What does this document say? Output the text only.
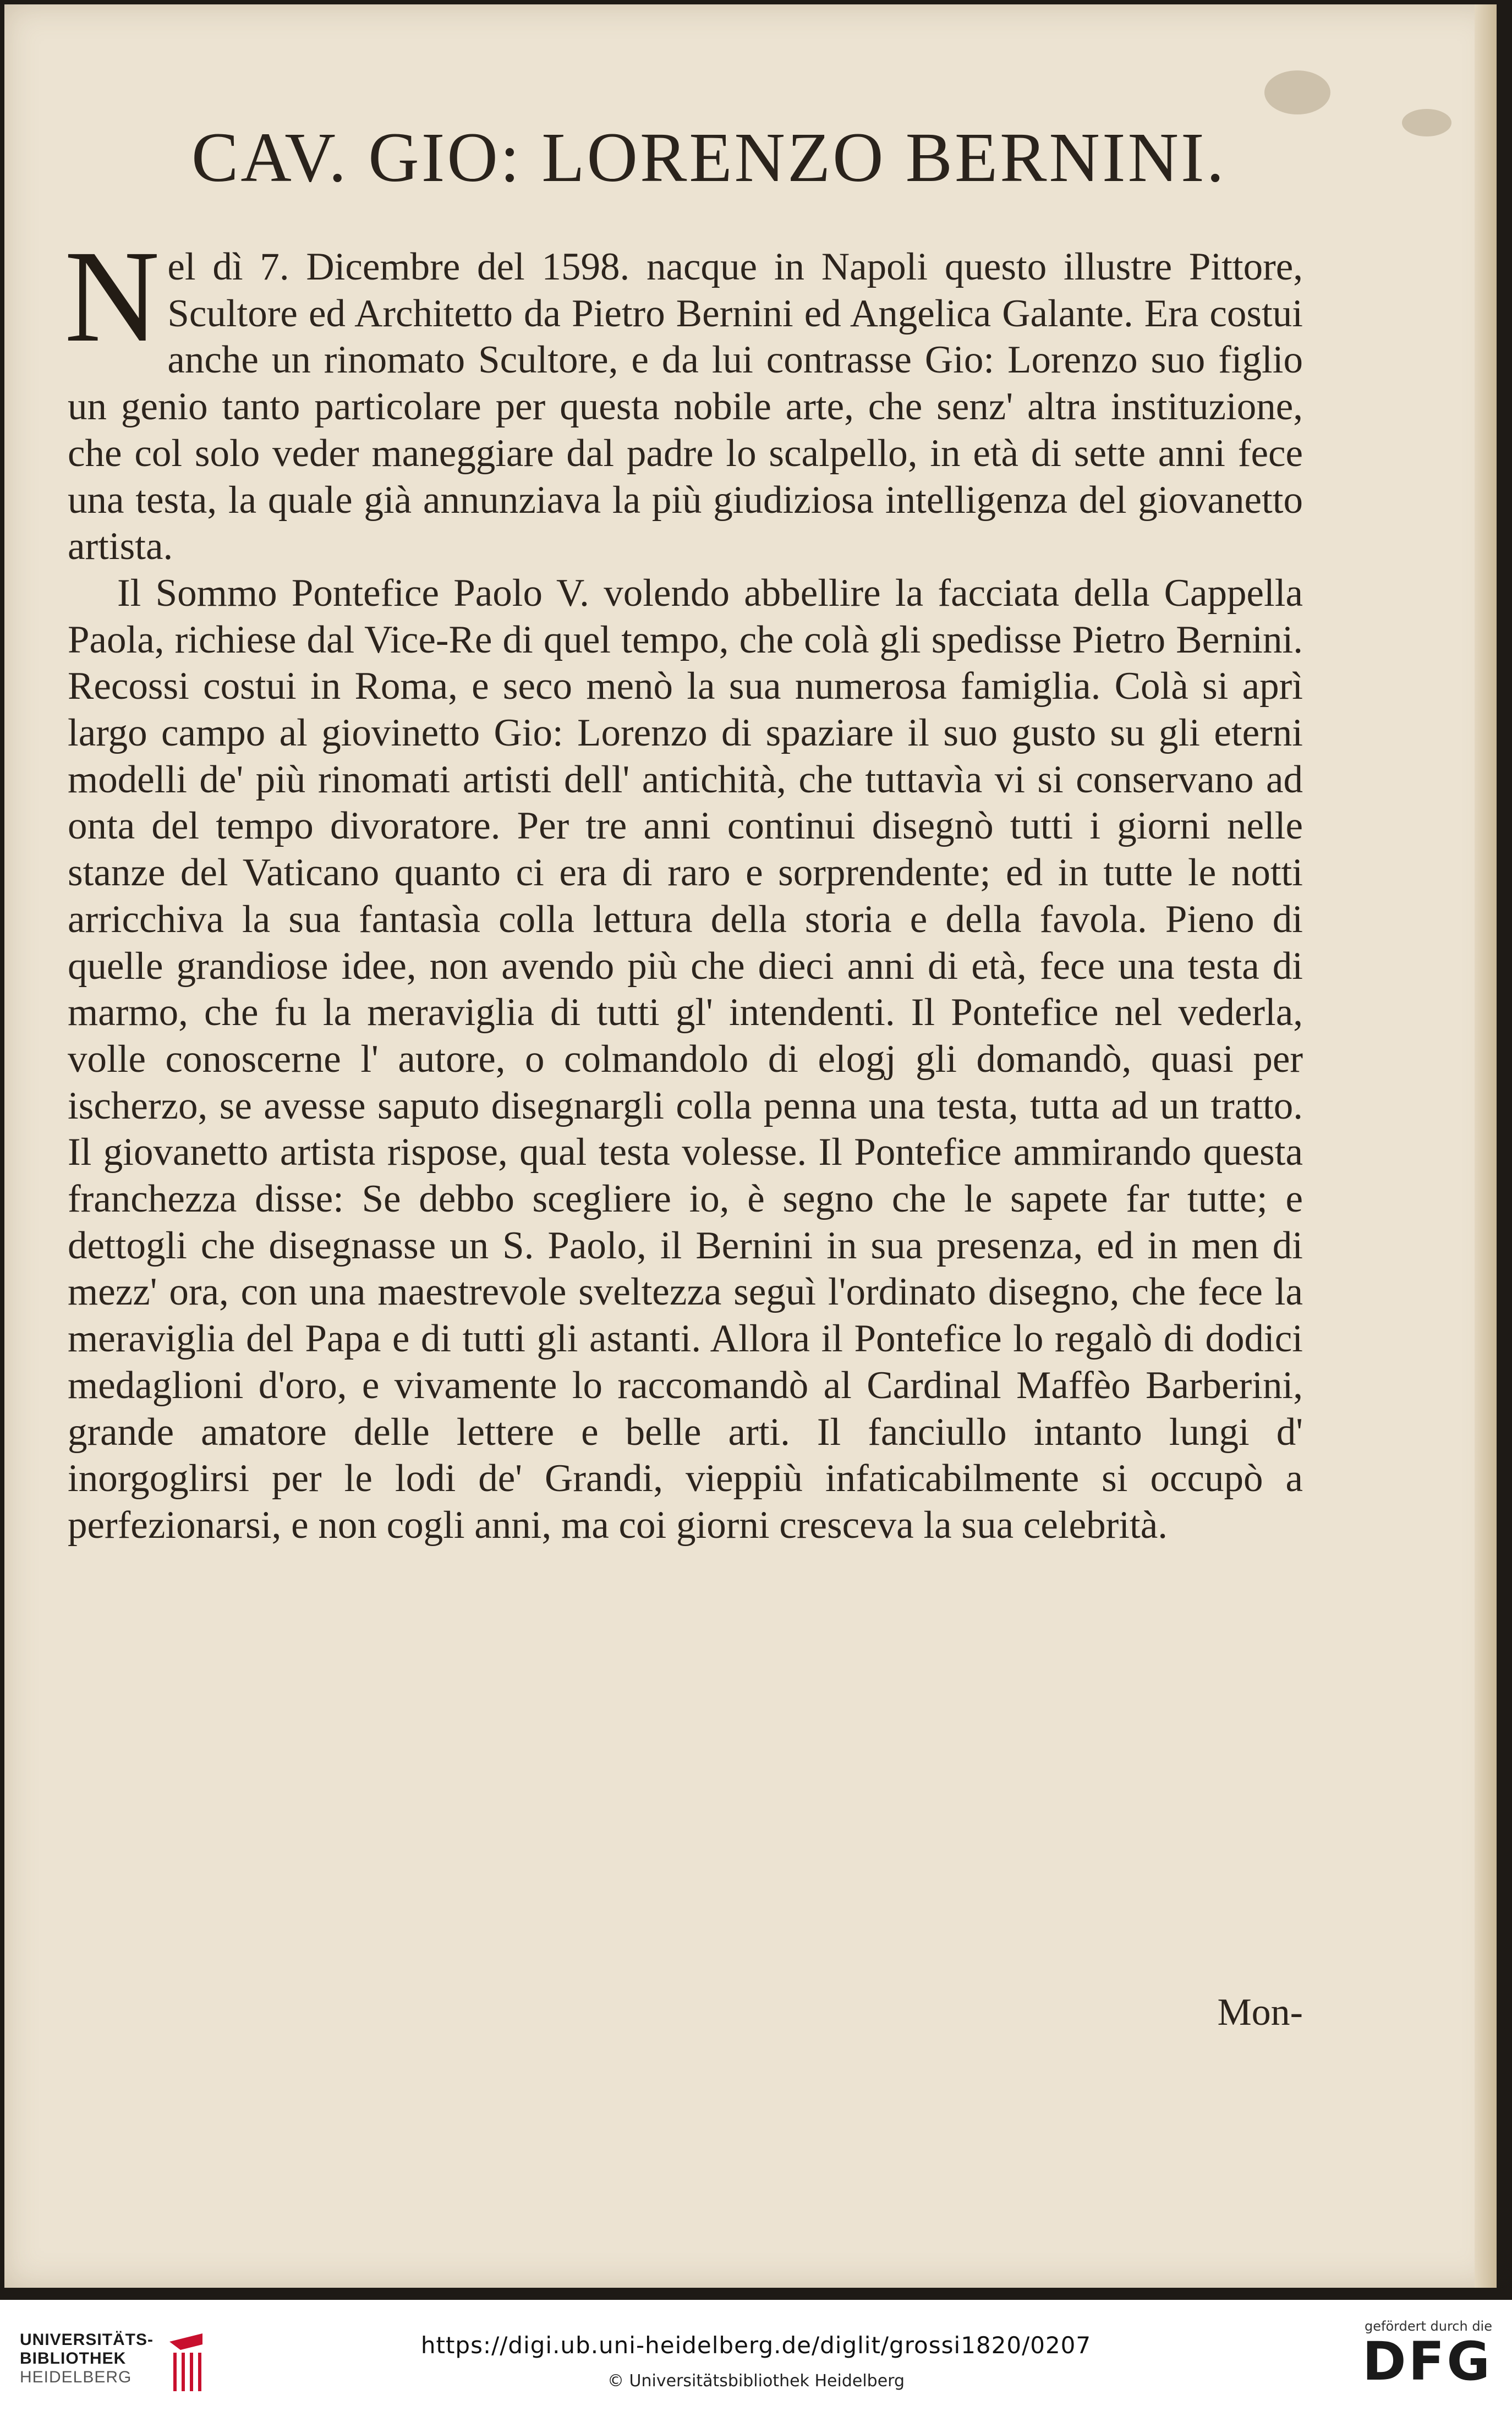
CAV. GIO: LORENZO BERNINI.

Nel dì 7. Dicembre del 1598. nacque in Napoli questo illustre Pittore, Scultore ed Architetto da Pietro Bernini ed Angelica Galante. Era costui anche un rinomato Scultore, e da lui contrasse Gio: Lorenzo suo figlio un genio tanto particolare per questa nobile arte, che senz' altra instituzione, che col solo veder maneggiare dal padre lo scalpello, in età di sette anni fece una testa, la quale già annunziava la più giudiziosa intelligenza del giovanetto artista.

Il Sommo Pontefice Paolo V. volendo abbellire la facciata della Cappella Paola, richiese dal Vice-Re di quel tempo, che colà gli spedisse Pietro Bernini. Recossi costui in Roma, e seco menò la sua numerosa famiglia. Colà si aprì largo campo al giovinetto Gio: Lorenzo di spaziare il suo gusto su gli eterni modelli de' più rinomati artisti dell' antichità, che tuttavìa vi si conservano ad onta del tempo divoratore. Per tre anni continui disegnò tutti i giorni nelle stanze del Vaticano quanto ci era di raro e sorprendente; ed in tutte le notti arricchiva la sua fantasìa colla lettura della storia e della favola. Pieno di quelle grandiose idee, non avendo più che dieci anni di età, fece una testa di marmo, che fu la meraviglia di tutti gl' intendenti. Il Pontefice nel vederla, volle conoscerne l' autore, o colmandolo di elogj gli domandò, quasi per ischerzo, se avesse saputo disegnargli colla penna una testa, tutta ad un tratto. Il giovanetto artista rispose, qual testa volesse. Il Pontefice ammirando questa franchezza disse: Se debbo scegliere io, è segno che le sapete far tutte; e dettogli che disegnasse un S. Paolo, il Bernini in sua presenza, ed in men di mezz' ora, con una maestrevole sveltezza seguì l'ordinato disegno, che fece la meraviglia del Papa e di tutti gli astanti. Allora il Pontefice lo regalò di dodici medaglioni d'oro, e vivamente lo raccomandò al Cardinal Maffèo Barberini, grande amatore delle lettere e belle arti. Il fanciullo intanto lungi d' inorgoglirsi per le lodi de' Grandi, vieppiù infaticabilmente si occupò a perfezionarsi, e non cogli anni, ma coi giorni cresceva la sua celebrità.

Mon-
UNIVERSITÄTS-
BIBLIOTHEK
HEIDELBERG
https://digi.ub.uni-heidelberg.de/diglit/grossi1820/0207
© Universitätsbibliothek Heidelberg
gefördert durch die
DFG
